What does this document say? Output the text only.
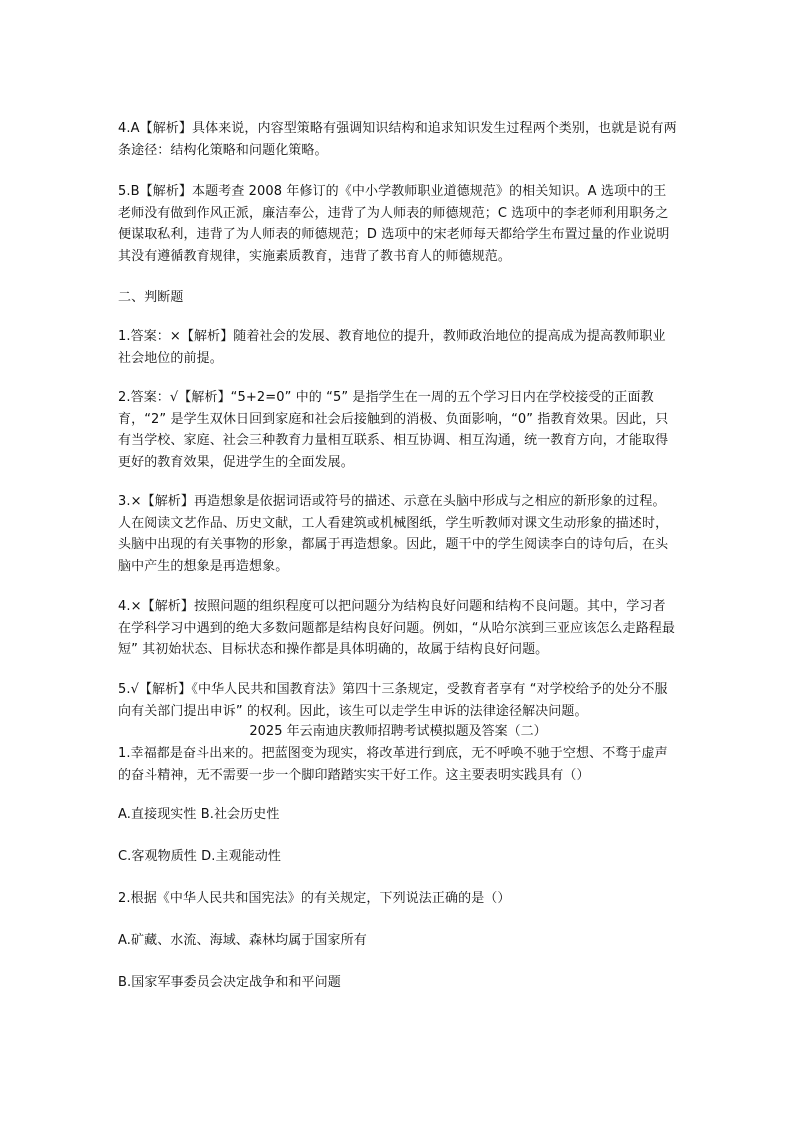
4.A【解析】具体来说，内容型策略有强调知识结构和追求知识发生过程两个类别，也就是说有两条途径：结构化策略和问题化策略。

5.B【解析】本题考查 2008 年修订的《中小学教师职业道德规范》的相关知识。A 选项中的王老师没有做到作风正派，廉洁奉公，违背了为人师表的师德规范；C 选项中的李老师利用职务之便谋取私利，违背了为人师表的师德规范；D 选项中的宋老师每天都给学生布置过量的作业说明其没有遵循教育规律，实施素质教育，违背了教书育人的师德规范。

二、判断题

1.答案：×【解析】随着社会的发展、教育地位的提升，教师政治地位的提高成为提高教师职业社会地位的前提。

2.答案：√【解析】“5+2=0” 中的 “5” 是指学生在一周的五个学习日内在学校接受的正面教育，“2” 是学生双休日回到家庭和社会后接触到的消极、负面影响，“0” 指教育效果。因此，只有当学校、家庭、社会三种教育力量相互联系、相互协调、相互沟通，统一教育方向，才能取得更好的教育效果，促进学生的全面发展。

3.×【解析】再造想象是依据词语或符号的描述、示意在头脑中形成与之相应的新形象的过程。人在阅读文艺作品、历史文献，工人看建筑或机械图纸，学生听教师对课文生动形象的描述时，头脑中出现的有关事物的形象，都属于再造想象。因此，题干中的学生阅读李白的诗句后，在头脑中产生的想象是再造想象。

4.×【解析】按照问题的组织程度可以把问题分为结构良好问题和结构不良问题。其中，学习者在学科学习中遇到的绝大多数问题都是结构良好问题。例如，“从哈尔滨到三亚应该怎么走路程最短” 其初始状态、目标状态和操作都是具体明确的，故属于结构良好问题。

5.√【解析】《中华人民共和国教育法》第四十三条规定，受教育者享有 “对学校给予的处分不服向有关部门提出申诉” 的权利。因此，该生可以走学生申诉的法律途径解决问题。

2025 年云南迪庆教师招聘考试模拟题及答案（二）

1.幸福都是奋斗出来的。把蓝图变为现实，将改革进行到底，无不呼唤不驰于空想、不骛于虚声的奋斗精神，无不需要一步一个脚印踏踏实实干好工作。这主要表明实践具有（）

A.直接现实性 B.社会历史性

C.客观物质性 D.主观能动性

2.根据《中华人民共和国宪法》的有关规定，下列说法正确的是（）

A.矿藏、水流、海域、森林均属于国家所有

B.国家军事委员会决定战争和和平问题
